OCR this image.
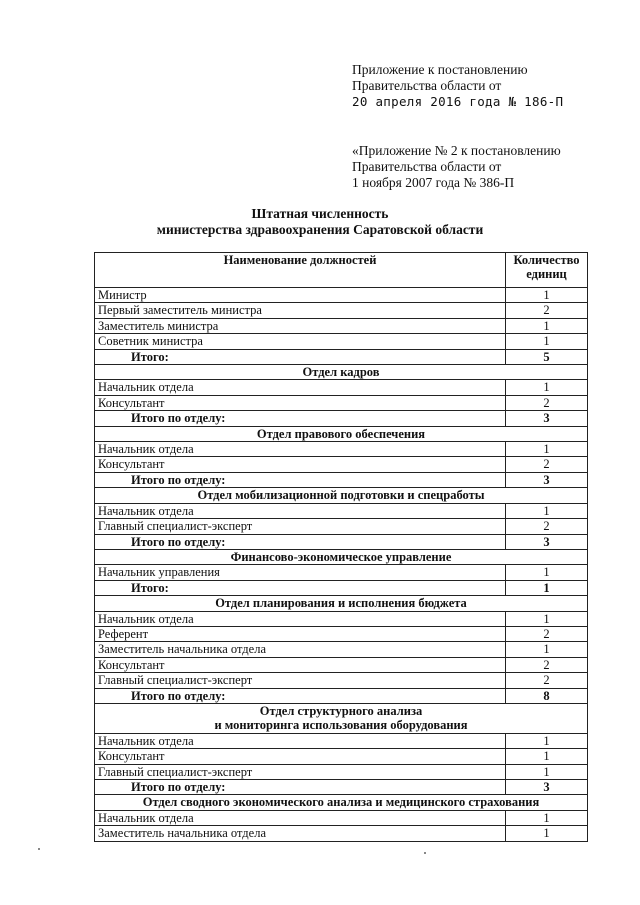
Приложение к постановлению
Правительства области от
20 апреля 2016 года № 186-П
«Приложение № 2 к постановлению
Правительства области от
1 ноября 2007 года № 386-П
Штатная численность
министерства здравоохранения Саратовской области
Наименование должностей	Количество
единиц

Министр	1
Первый заместитель министра	2
Заместитель министра	1
Советник министра	1
Итого:	5

Отдел кадров	

Начальник отдела	1
Консультант	2
Итого по отделу:	3

Отдел правового обеспечения	

Начальник отдела	1
Консультант	2
Итого по отделу:	3

Отдел мобилизационной подготовки и спецработы	

Начальник отдела	1
Главный специалист-эксперт	2
Итого по отделу:	3

Финансово-экономическое управление	

Начальник управления	1
Итого:	1

Отдел планирования и исполнения бюджета	

Начальник отдела	1
Референт	2
Заместитель начальника отдела	1
Консультант	2
Главный специалист-эксперт	2
Итого по отделу:	8

Отдел структурного анализа
и мониторинга использования оборудования	

Начальник отдела	1
Консультант	1
Главный специалист-эксперт	1
Итого по отделу:	3

Отдел сводного экономического анализа и медицинского страхования	

Начальник отдела	1
Заместитель начальника отдела	1
